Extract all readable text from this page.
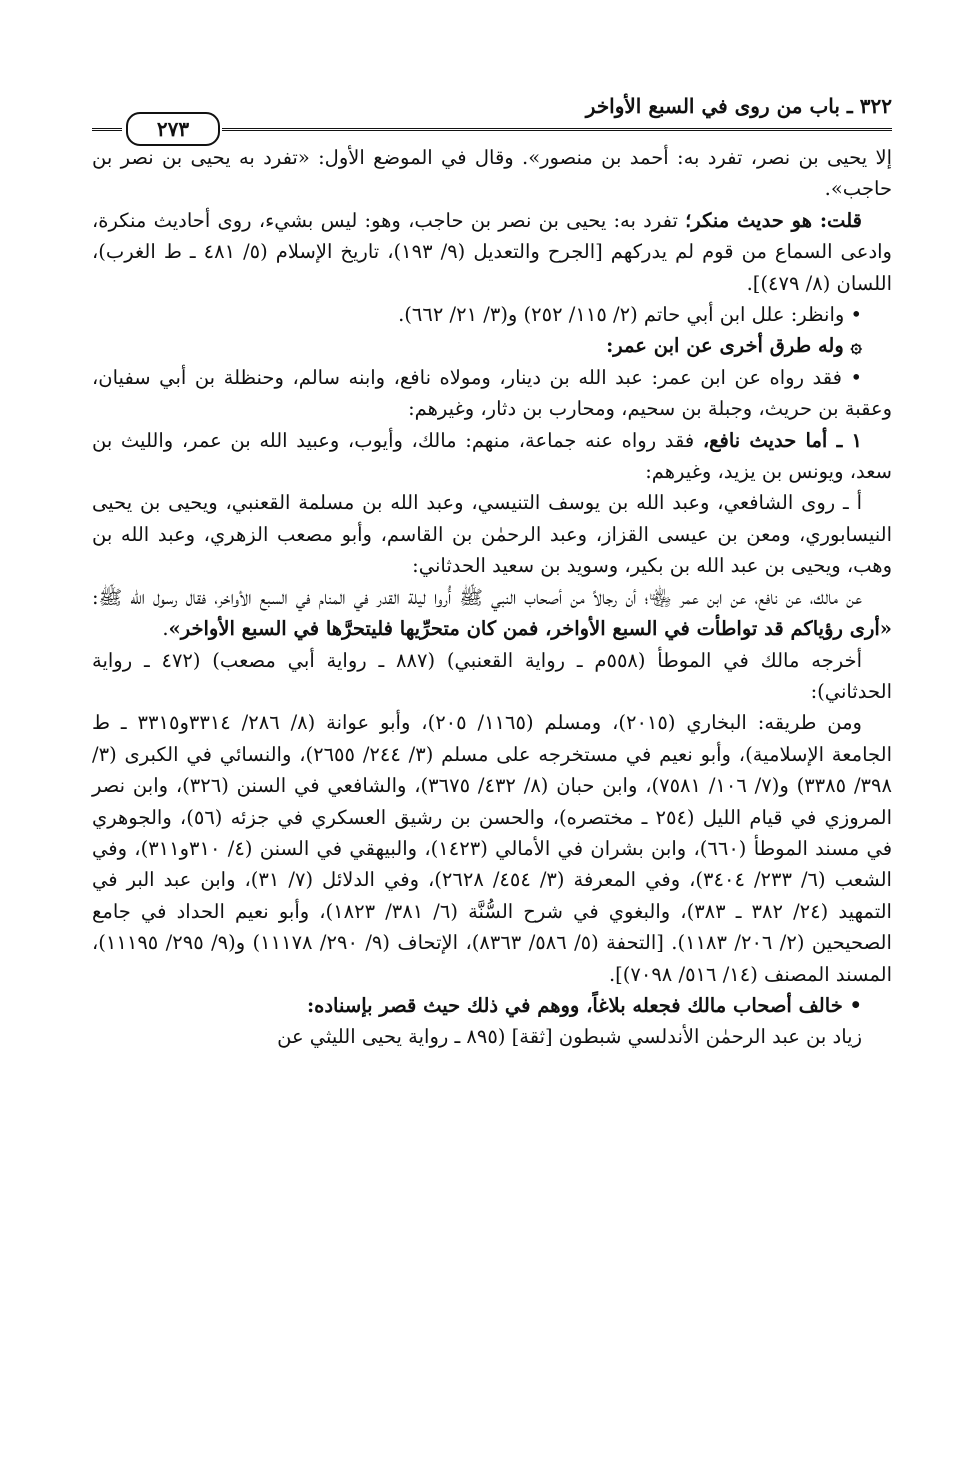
٣٢٢ ـ باب من روى في السبع الأواخر
٢٧٣

إلا يحيى بن نصر، تفرد به: أحمد بن منصور». وقال في الموضع الأول: «تفرد به يحيى بن نصر بن حاجب».

قلت: هو حديث منكر؛ تفرد به: يحيى بن نصر بن حاجب، وهو: ليس بشيء، روى أحاديث منكرة، وادعى السماع من قوم لم يدركهم [الجرح والتعديل (٩/ ١٩٣)، تاريخ الإسلام (٥/ ٤٨١ ـ ط الغرب)، اللسان (٨/ ٤٧٩)].

• وانظر: علل ابن أبي حاتم (٢/ ١١٥/ ٢٥٢) و(٣/ ٢١/ ٦٦٢).

۞ وله طرق أخرى عن ابن عمر:

• فقد رواه عن ابن عمر: عبد الله بن دينار، ومولاه نافع، وابنه سالم، وحنظلة بن أبي سفيان، وعقبة بن حريث، وجبلة بن سحيم، ومحارب بن دثار، وغيرهم:

١ ـ أما حديث نافع، فقد رواه عنه جماعة، منهم: مالك، وأيوب، وعبيد الله بن عمر، والليث بن سعد، ويونس بن يزيد، وغيرهم:

أ ـ روى الشافعي، وعبد الله بن يوسف التنيسي، وعبد الله بن مسلمة القعنبي، ويحيى بن يحيى النيسابوري، ومعن بن عيسى القزاز، وعبد الرحمٰن بن القاسم، وأبو مصعب الزهري، وعبد الله بن وهب، ويحيى بن عبد الله بن بكير، وسويد بن سعيد الحدثاني:

عن مالك، عن نافع، عن ابن عمر ﵄؛ أن رجالاً من أصحاب النبي ﷺ أُروا ليلة القدر في المنام في السبع الأواخر، فقال رسول الله ﷺ: «أرى رؤياكم قد تواطأت في السبع الأواخر، فمن كان متحرِّيها فليتحرَّها في السبع الأواخر».

أخرجه مالك في الموطأ (٥٥٨م ـ رواية القعنبي) (٨٨٧ ـ رواية أبي مصعب) (٤٧٢ ـ رواية الحدثاني):

ومن طريقه: البخاري (٢٠١٥)، ومسلم (١١٦٥/ ٢٠٥)، وأبو عوانة (٨/ ٢٨٦/ ٣٣١٤و٣٣١٥ ـ ط الجامعة الإسلامية)، وأبو نعيم في مستخرجه على مسلم (٣/ ٢٤٤/ ٢٦٥٥)، والنسائي في الكبرى (٣/ ٣٩٨/ ٣٣٨٥) و(٧/ ١٠٦/ ٧٥٨١)، وابن حبان (٨/ ٤٣٢/ ٣٦٧٥)، والشافعي في السنن (٣٢٦)، وابن نصر المروزي في قيام الليل (٢٥٤ ـ مختصره)، والحسن بن رشيق العسكري في جزئه (٥٦)، والجوهري في مسند الموطأ (٦٦٠)، وابن بشران في الأمالي (١٤٢٣)، والبيهقي في السنن (٤/ ٣١٠و٣١١)، وفي الشعب (٦/ ٢٣٣/ ٣٤٠٤)، وفي المعرفة (٣/ ٤٥٤/ ٢٦٢٨)، وفي الدلائل (٧/ ٣١)، وابن عبد البر في التمهيد (٢٤/ ٣٨٢ ـ ٣٨٣)، والبغوي في شرح السُّنَّة (٦/ ٣٨١/ ١٨٢٣)، وأبو نعيم الحداد في جامع الصحيحين (٢/ ٢٠٦/ ١١٨٣). [التحفة (٥/ ٥٨٦/ ٨٣٦٣)، الإتحاف (٩/ ٢٩٠/ ١١١٧٨) و(٩/ ٢٩٥/ ١١١٩٥)، المسند المصنف (١٤/ ٥١٦/ ٧٠٩٨)].

• خالف أصحاب مالك فجعله بلاغاً، ووهم في ذلك حيث قصر بإسناده:

زياد بن عبد الرحمٰن الأندلسي شبطون [ثقة] (٨٩٥ ـ رواية يحيى الليثي عن
